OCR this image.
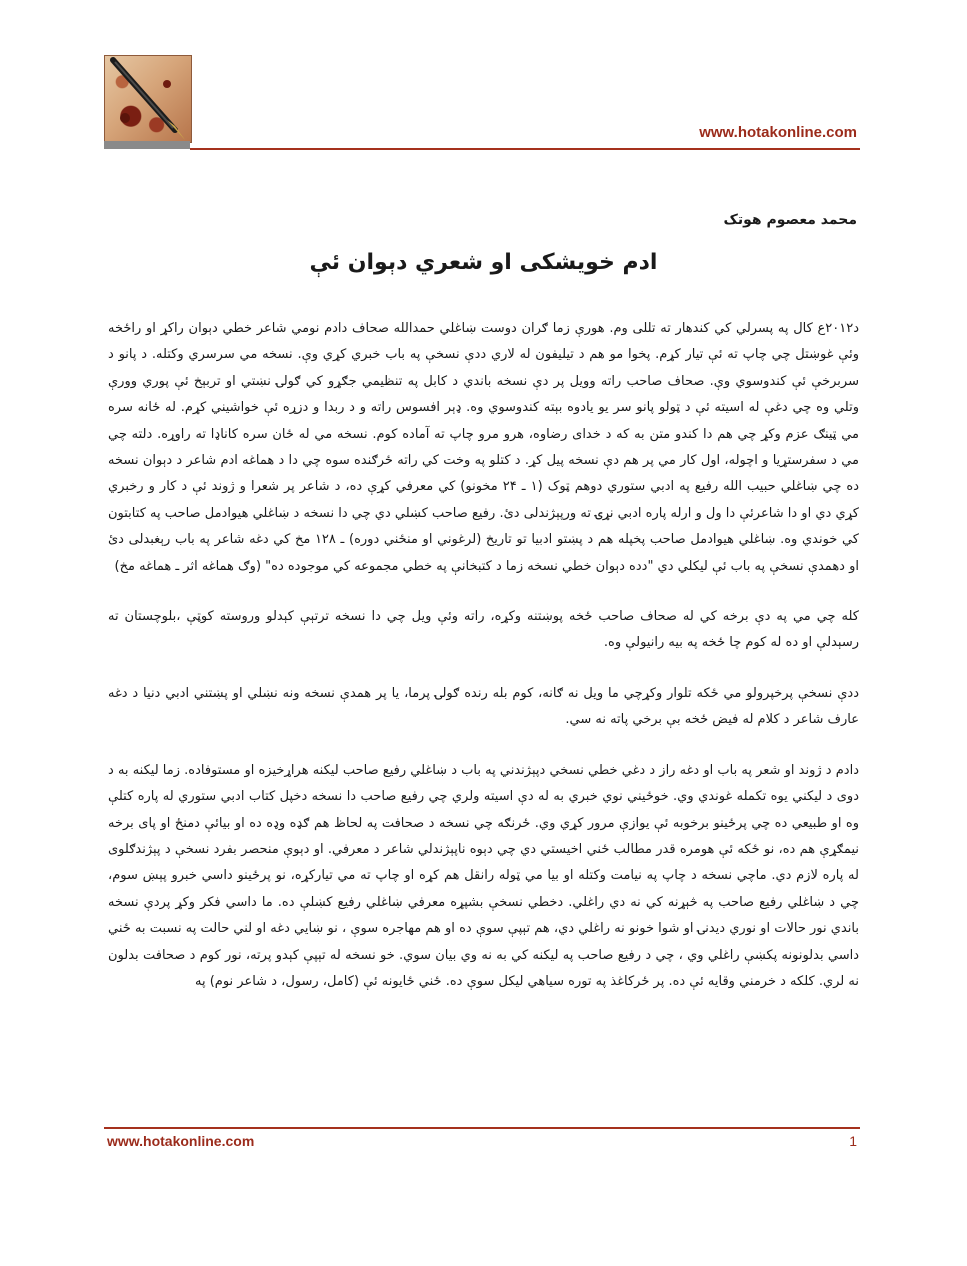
www.hotakonline.com
محمد معصوم هوتک
ادم خويشکی او شعري دېوان ئې

د۲۰۱۲ع کال په پسرلي کي کندهار ته تللی وم. هورې زما ګران دوست ښاغلي حمدالله صحاف دادم نومي شاعر خطي دېوان راکړ او راځخه وئې غوښتل چي چاپ ته ئې تيار کړم. پخوا مو هم د تيليفون له لاري ددې نسخې په باب خبري کړي وې. نسخه مي سرسري وکتله. د پانو د سربرخې ئې کندوسوي وې. صحاف صاحب راته وويل پر دې نسخه باندي د کابل په تنظيمي جګړو کي ګولۍ نښتي او تربېخ ئې پوري وورې وتلي وه چي دغې له اسيته ئې د ټولو پانو سر يو يادوه بېته کندوسوي وه. ډېر افسوس راته و د ربدا و دزړه ئې خواشيني کړم. له ځانه سره مي ټينګ عزم وکړ چي هم دا کندو متن به که د خدای رضاوه، هرو مرو چاپ ته آماده کوم. نسخه مي له ځان سره کاناډا ته راوړه. دلته چي مي د سفرستړيا و اچوله، اول کار مي پر هم دې نسخه پيل کړ. د کتلو په وخت کي راته ځرګنده سوه چي دا د هماغه ادم شاعر د دېوان نسخه ده چي ښاغلي حبيب الله رفيع په ادبي ستوري دوهم ټوک (۱ ـ ۲۴ مخونو) کي معرفي کړې ده، د شاعر پر شعرا و ژوند ئې د کار و رخبري کړي دي او دا شاعرئې دا ول و ارله پاره ادبي نړۍ ته ورپېژندلی دئ. رفيع صاحب کښلي دي چي دا نسخه د ښاغلي هيوادمل صاحب په کتابتون کي خوندي وه. ښاغلي هيوادمل صاحب پخپله هم د پښتو ادبيا تو تاريخ (لرغوني او منځني دوره) ـ ۱۲۸ مخ کي دغه شاعر په باب رېغبدلی دئ او دهمدې نسخې په باب ئې ليکلي دي "دده دېوان خطي نسخه زما د کتبخانې په خطي مجموعه کي موجوده ده" (وګ هماغه اثر ـ هماغه مخ)

کله چي مي په دې برخه کي له صحاف صاحب ځخه پوښتنه وکړه، راته وئې ويل چي دا نسخه ترتېې کېدلو وروسته کوټې ،بلوچستان ته رسېدلې او ده له کوم چا ځخه په بيه رانيولې وه.

ددې نسخې پرخپرولو مي ځکه تلوار وکړچي ما ويل نه ګانه، کوم بله رنده ګولۍ پرما، يا پر همدې نسخه ونه نښلي او پښتني ادبي دنيا د دغه عارف شاعر د کلام له فيض ځخه بې برخي پاته نه سي.

دادم د ژوند او شعر په باب او دغه راز د دغي خطي نسخي دپېژندني په باب د ښاغلي رفيع صاحب ليکنه هراړخيزه او مستوفاده. زما ليکنه به د دوی د ليکني يوه تکمله غوندي وي. خوځيني نوي خبري به له دې اسيته ولري چي رفيع صاحب دا نسخه دخپل کتاب ادبي ستوري له پاره کتلې وه او طبيعي ده چي پرځينو برخوبه ئې يوازې مرور کړي وي. ځرنګه چي نسخه د صحافت په لحاظ هم ګډه وډه ده او بيائې دمنځ او پای برخه نيمګړې هم ده، نو ځکه ئې هومره قدر مطالب ځني اخيستي دي چي دېوه ناپېژندلي شاعر د معرفي. او دېوې منحصر بفرد نسخې د پېژندګلوی له پاره لازم دي. ماچي نسخه د چاپ په نيامت وکتله او بيا مي ټوله رانقل هم کړه او چاپ ته مي تيارکړه، نو پرځينو داسي خبرو پېښ سوم، چي د ښاغلي رفيع صاحب په څېړنه کي نه دي راغلي. دخطي نسخې بشپړه معرفي ښاغلي رفيع کښلې ده. ما داسي فکر وکړ پردې نسخه باندي نور حالات او نوري ديدنۍ او شوا خونو نه راغلي دي، هم تېپې سوې ده او هم مهاجره سوې ، نو ښايي دغه او لني حالت په نسبت به ځني داسي بدلونونه پکښې راغلي وي ، چي د رفيع صاحب په ليکنه کي به نه وي بيان سوي. خو نسخه له تېپې کېدو پرته، نور کوم د صحافت بدلون نه لري. کلکه د خرمني وقايه ئې ده. پر ځرکاغذ په توره سياهي ليکل سوې ده. ځني ځايونه ئې (کامل، رسول، د شاعر نوم) په

www.hotakonline.com	1
